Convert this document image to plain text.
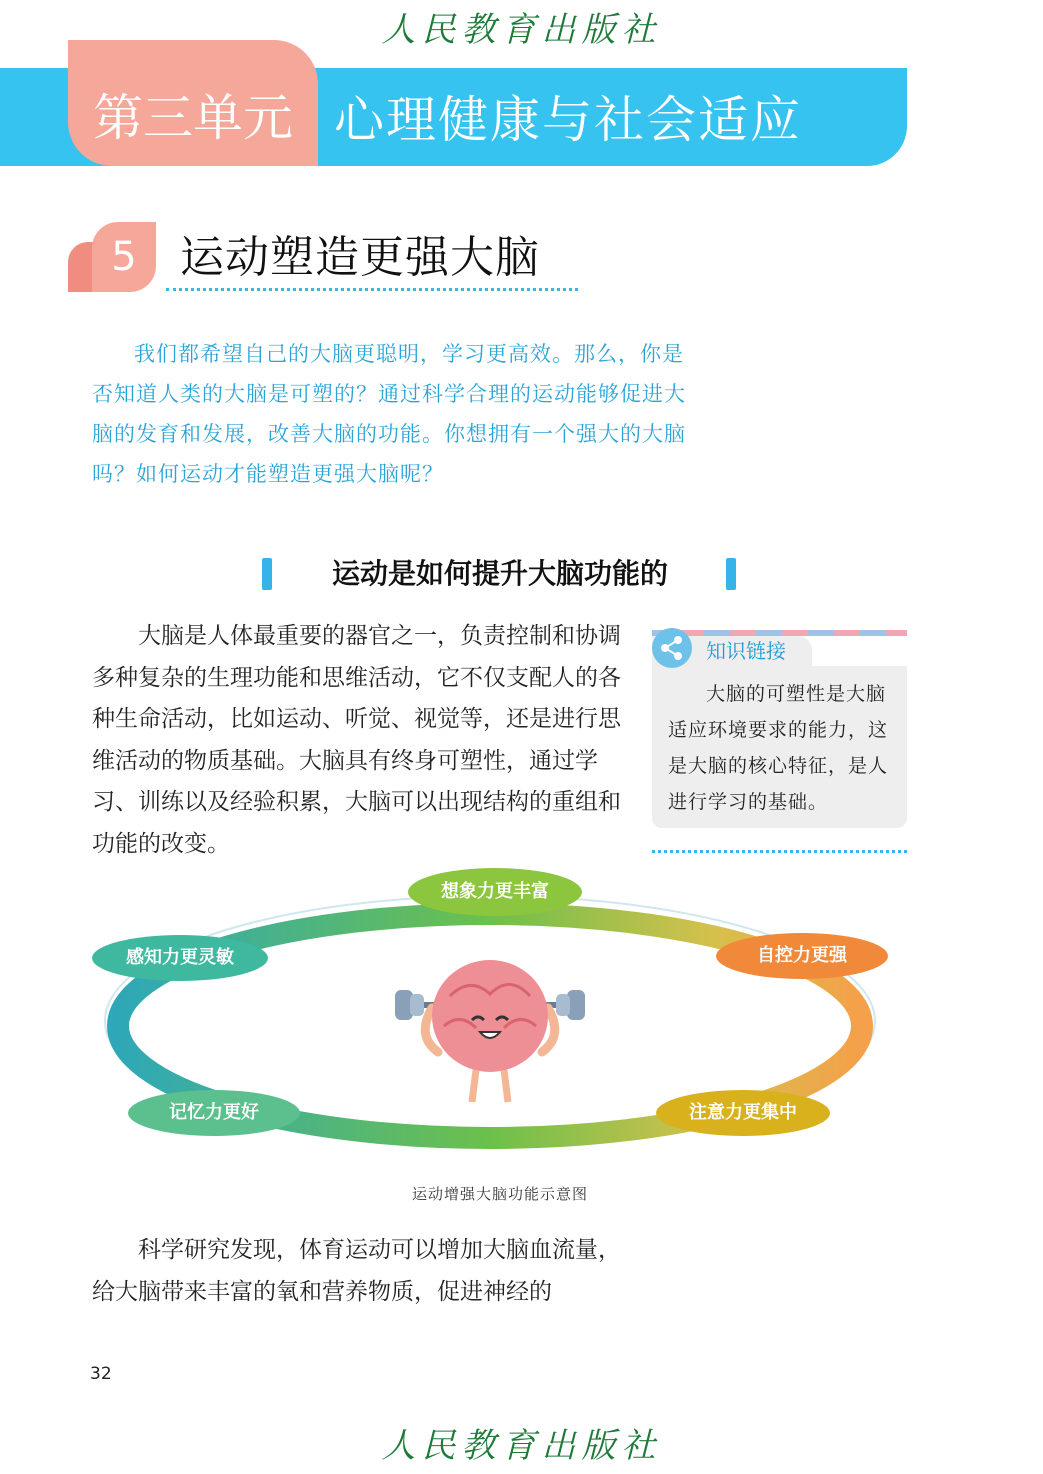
人民教育出版社
第三单元 心理健康与社会适应
5 运动塑造更强大脑
我们都希望自己的大脑更聪明，学习更高效。那么，你是否知道人类的大脑是可塑的？通过科学合理的运动能够促进大脑的发育和发展，改善大脑的功能。你想拥有一个强大的大脑吗？如何运动才能塑造更强大脑呢？
运动是如何提升大脑功能的
大脑是人体最重要的器官之一，负责控制和协调多种复杂的生理功能和思维活动，它不仅支配人的各种生命活动，比如运动、听觉、视觉等，还是进行思维活动的物质基础。大脑具有终身可塑性，通过学习、训练以及经验积累，大脑可以出现结构的重组和功能的改变。
知识链接
大脑的可塑性是大脑适应环境要求的能力，这是大脑的核心特征，是人进行学习的基础。
想象力更丰富
自控力更强
注意力更集中
记忆力更好
感知力更灵敏
运动增强大脑功能示意图
科学研究发现，体育运动可以增加大脑血流量，给大脑带来丰富的氧和营养物质，促进神经的
32
人民教育出版社
